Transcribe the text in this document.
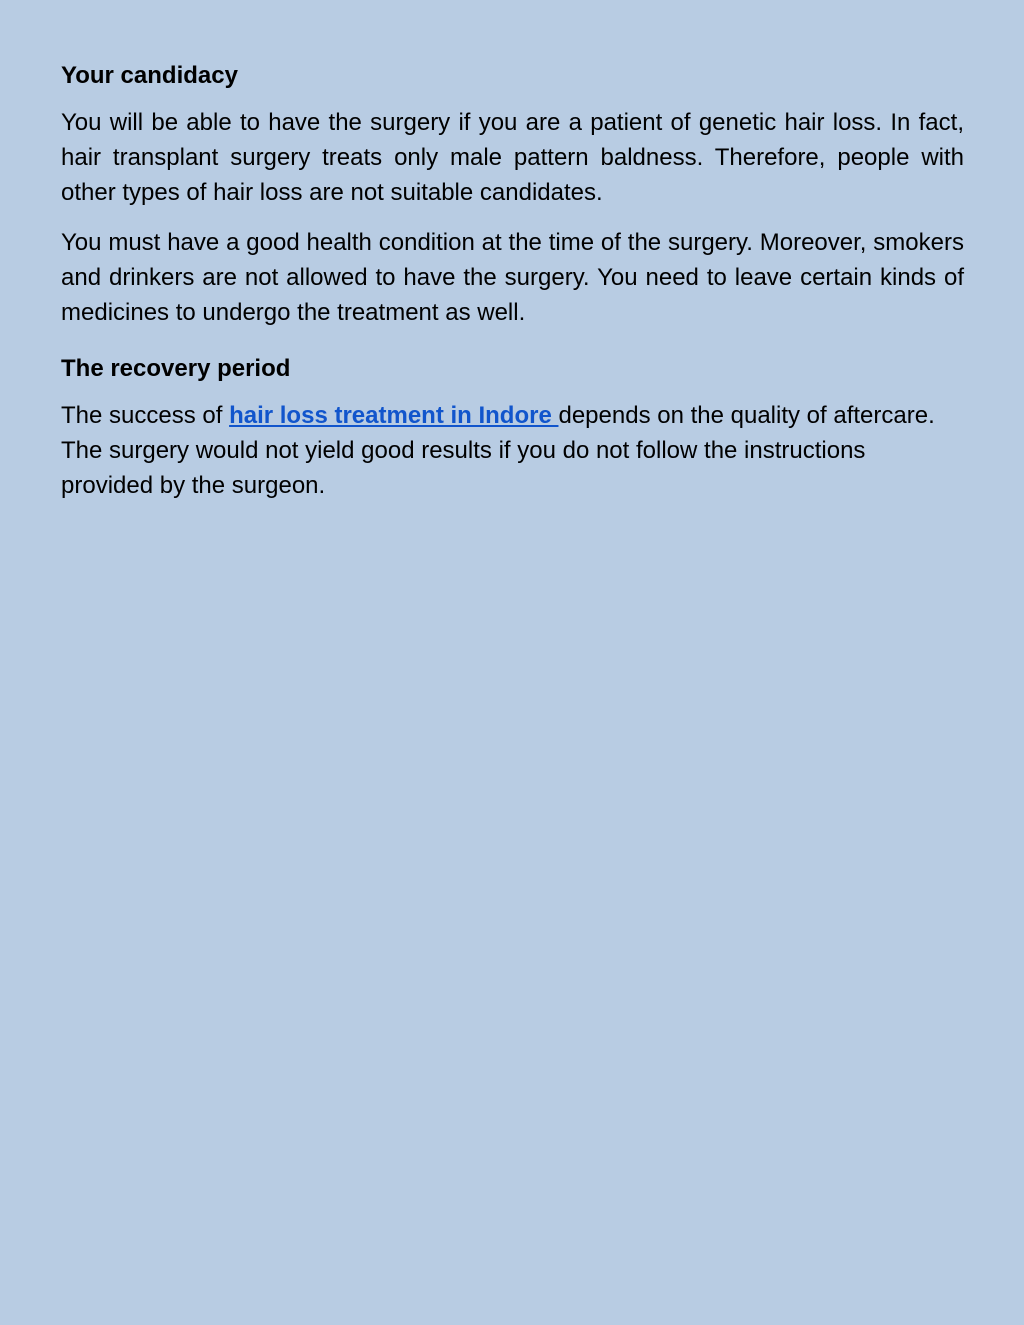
Your candidacy

You will be able to have the surgery if you are a patient of genetic hair loss. In fact, hair transplant surgery treats only male pattern baldness. Therefore, people with other types of hair loss are not suitable candidates.

You must have a good health condition at the time of the surgery. Moreover, smokers and drinkers are not allowed to have the surgery. You need to leave certain kinds of medicines to undergo the treatment as well.

The recovery period

The success of hair loss treatment in Indore depends on the quality of aftercare. The surgery would not yield good results if you do not follow the instructions provided by the surgeon.
